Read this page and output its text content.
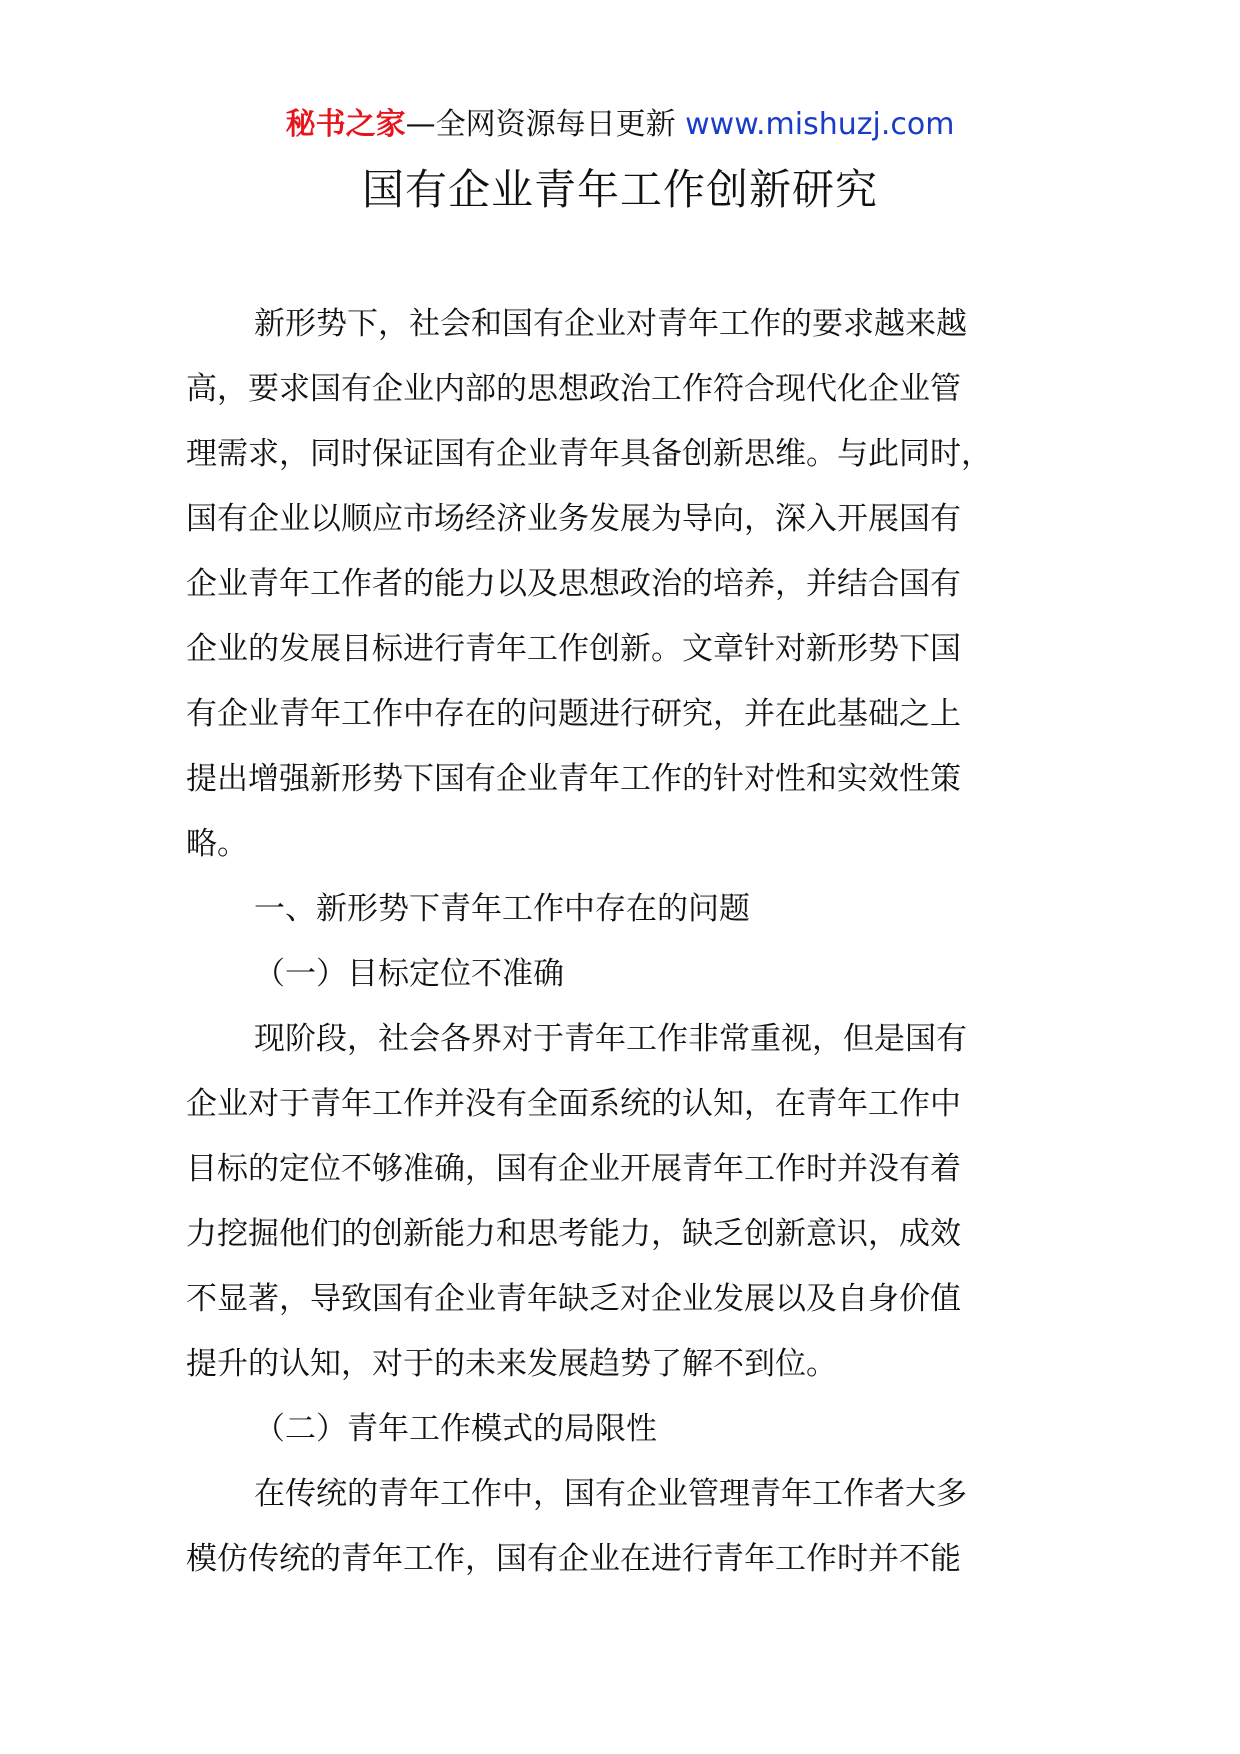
秘书之家—全网资源每日更新 www.mishuzj.com
国有企业青年工作创新研究
新形势下，社会和国有企业对青年工作的要求越来越
高，要求国有企业内部的思想政治工作符合现代化企业管
理需求，同时保证国有企业青年具备创新思维。与此同时，
国有企业以顺应市场经济业务发展为导向，深入开展国有
企业青年工作者的能力以及思想政治的培养，并结合国有
企业的发展目标进行青年工作创新。文章针对新形势下国
有企业青年工作中存在的问题进行研究，并在此基础之上
提出增强新形势下国有企业青年工作的针对性和实效性策
略。
一、新形势下青年工作中存在的问题
（一）目标定位不准确
现阶段，社会各界对于青年工作非常重视，但是国有
企业对于青年工作并没有全面系统的认知，在青年工作中
目标的定位不够准确，国有企业开展青年工作时并没有着
力挖掘他们的创新能力和思考能力，缺乏创新意识，成效
不显著，导致国有企业青年缺乏对企业发展以及自身价值
提升的认知，对于的未来发展趋势了解不到位。
（二）青年工作模式的局限性
在传统的青年工作中，国有企业管理青年工作者大多
模仿传统的青年工作，国有企业在进行青年工作时并不能
